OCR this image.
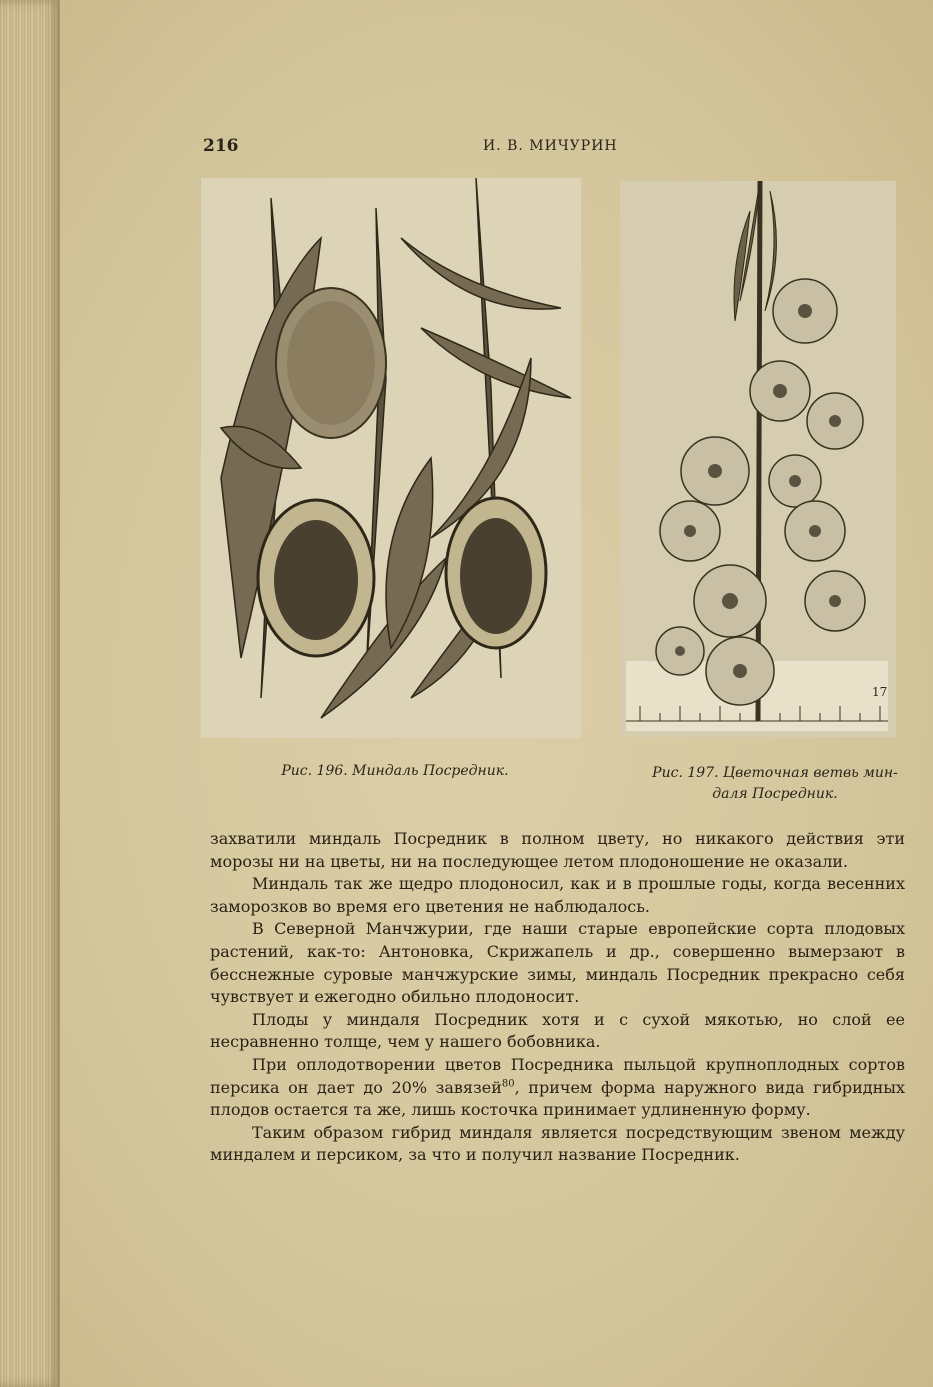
216	И. В. МИЧУРИН
17
Рис. 196. Миндаль Посредник.	Рис. 197. Цветочная ветвь мин-
даля Посредник.

захватили миндаль Посредник в полном цвету, но никакого действия эти морозы ни на цветы, ни на последующее летом плодоношение не оказали.

Миндаль так же щедро плодоносил, как и в прошлые годы, когда весенних заморозков во время его цветения не наблюдалось.

В Северной Манчжурии, где наши старые европейские сорта плодовых растений, как-то: Антоновка, Скрижапель и др., совершенно вымерзают в бесснежные суровые манчжурские зимы, миндаль Посредник прекрасно себя чувствует и ежегодно обильно плодоносит.

Плоды у миндаля Посредник хотя и с сухой мякотью, но слой ее несравненно толще, чем у нашего бобовника.

При оплодотворении цветов Посредника пыльцой крупноплодных сортов персика он дает до 20% завязей$^{80}$, причем форма наружного вида гибридных плодов остается та же, лишь косточка принимает удлиненную форму.

Таким образом гибрид миндаля является посредствующим звеном между миндалем и персиком, за что и получил название Посредник.
